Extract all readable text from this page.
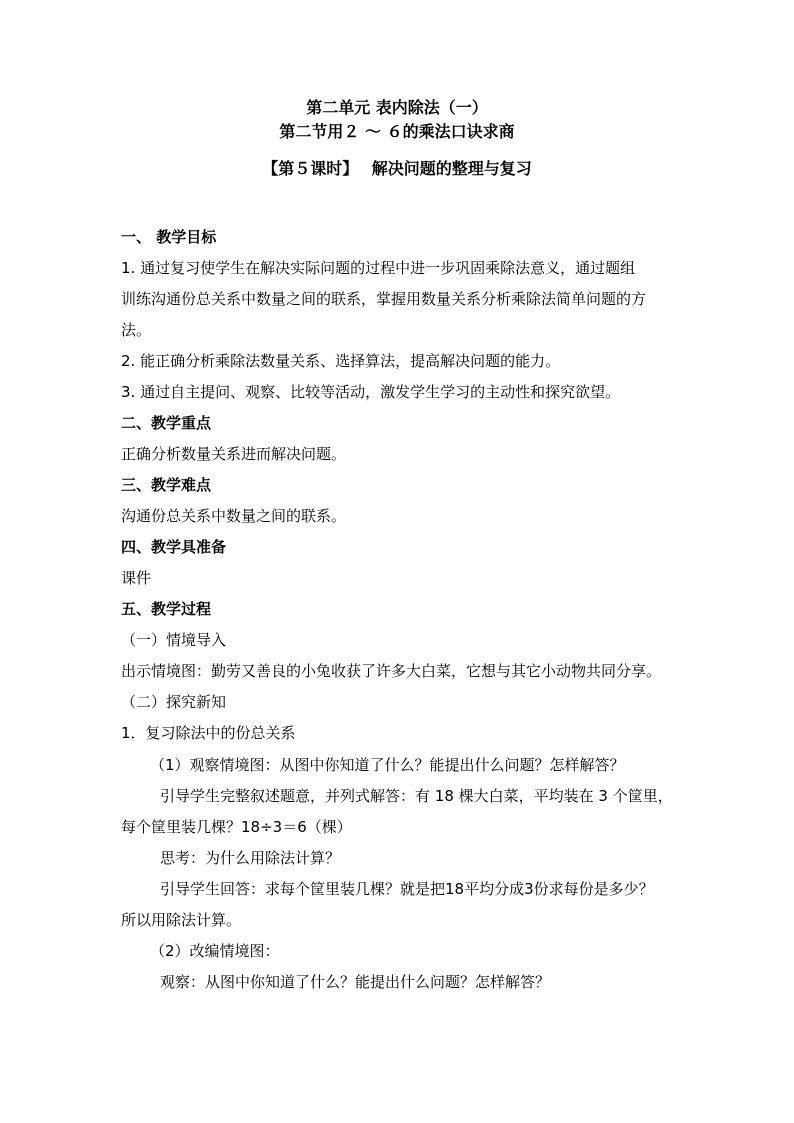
第二单元 表内除法（一）
第二节用２ ～ ６的乘法口诀求商
【第５课时】　 解决问题的整理与复习
一、 教学目标
1. 通过复习使学生在解决实际问题的过程中进一步巩固乘除法意义，通过题组
训练沟通份总关系中数量之间的联系，掌握用数量关系分析乘除法简单问题的方
法。
2. 能正确分析乘除法数量关系、选择算法，提高解决问题的能力。
3. 通过自主提问、观察、比较等活动，激发学生学习的主动性和探究欲望。
二、教学重点
正确分析数量关系进而解决问题。
三、教学难点
沟通份总关系中数量之间的联系。
四、教学具准备
课件
五、教学过程
（一）情境导入
出示情境图：勤劳又善良的小兔收获了许多大白菜，它想与其它小动物共同分享。
（二）探究新知
1．复习除法中的份总关系
（1）观察情境图：从图中你知道了什么？能提出什么问题？怎样解答？
引导学生完整叙述题意，并列式解答：有 18 棵大白菜，平均装在 3 个筐里，
每个筐里装几棵？18÷3＝6（棵）
思考：为什么用除法计算？
引导学生回答：求每个筐里装几棵？就是把18平均分成3份求每份是多少？
所以用除法计算。
（2）改编情境图：
观察：从图中你知道了什么？能提出什么问题？怎样解答？
